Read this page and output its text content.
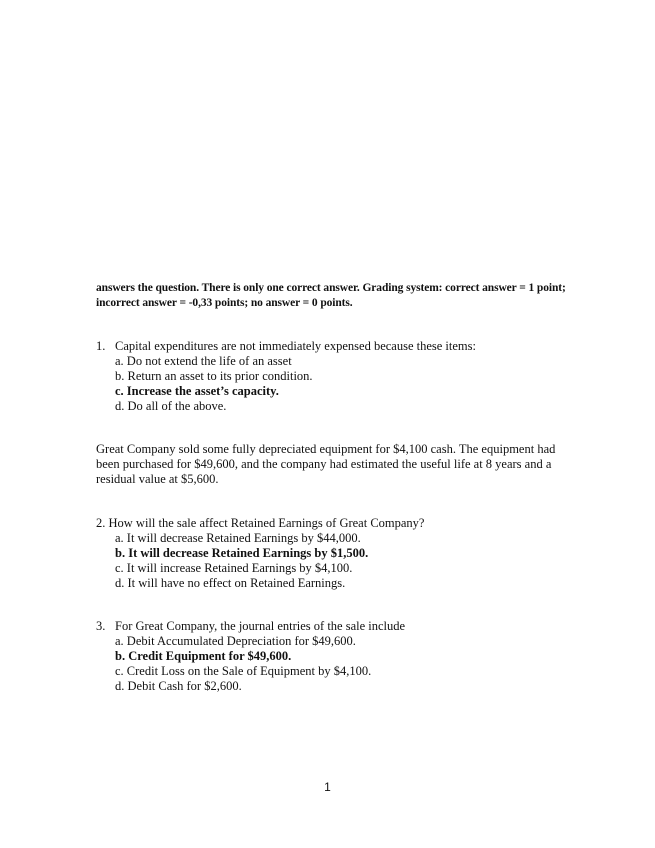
answers the question. There is only one correct answer. Grading system: correct answer = 1 point; incorrect answer = -0,33 points; no answer = 0 points.
1. Capital expenditures are not immediately expensed because these items:
a. Do not extend the life of an asset
b. Return an asset to its prior condition.
c. Increase the asset’s capacity.
d. Do all of the above.
Great Company sold some fully depreciated equipment for $4,100 cash. The equipment had been purchased for $49,600, and the company had estimated the useful life at 8 years and a residual value at $5,600.
2. How will the sale affect Retained Earnings of Great Company?
a. It will decrease Retained Earnings by $44,000.
b. It will decrease Retained Earnings by $1,500.
c. It will increase Retained Earnings by $4,100.
d. It will have no effect on Retained Earnings.
3. For Great Company, the journal entries of the sale include
a. Debit Accumulated Depreciation for $49,600.
b. Credit Equipment for $49,600.
c. Credit Loss on the Sale of Equipment by $4,100.
d. Debit Cash for $2,600.
1
